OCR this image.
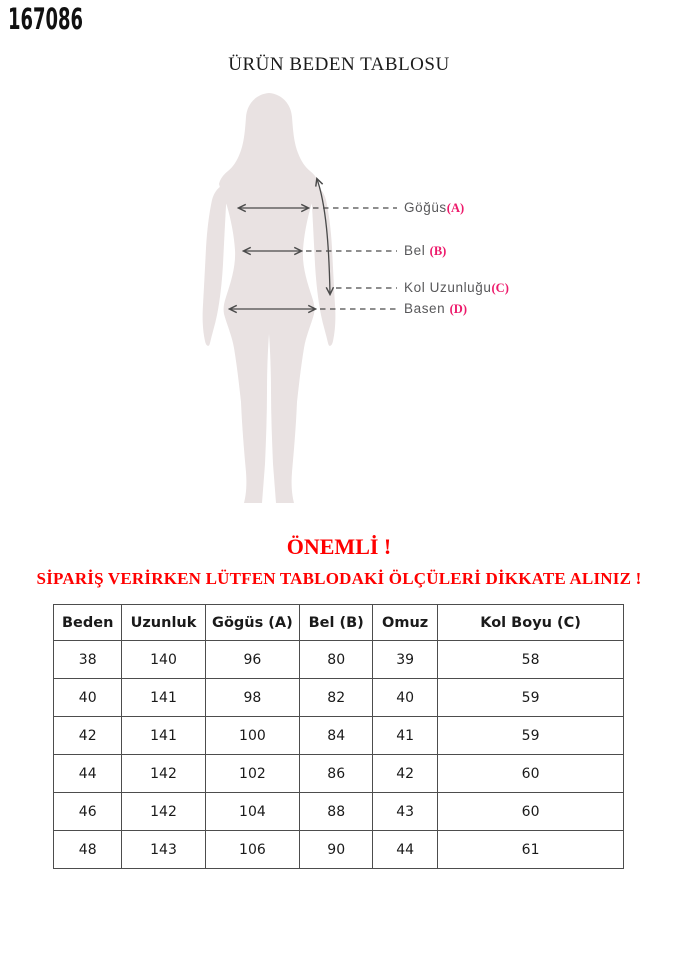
167086
ÜRÜN BEDEN TABLOSU
Göğüs(A)
Bel (B)
Kol Uzunluğu(C)
Basen (D)
ÖNEMLİ !
SİPARİŞ VERİRKEN LÜTFEN TABLODAKİ ÖLÇÜLERİ DİKKATE ALINIZ !
Beden	Uzunluk	Gögüs (A)	Bel (B)	Omuz	Kol Boyu (C)
38	140	96	80	39	58
40	141	98	82	40	59
42	141	100	84	41	59
44	142	102	86	42	60
46	142	104	88	43	60
48	143	106	90	44	61
